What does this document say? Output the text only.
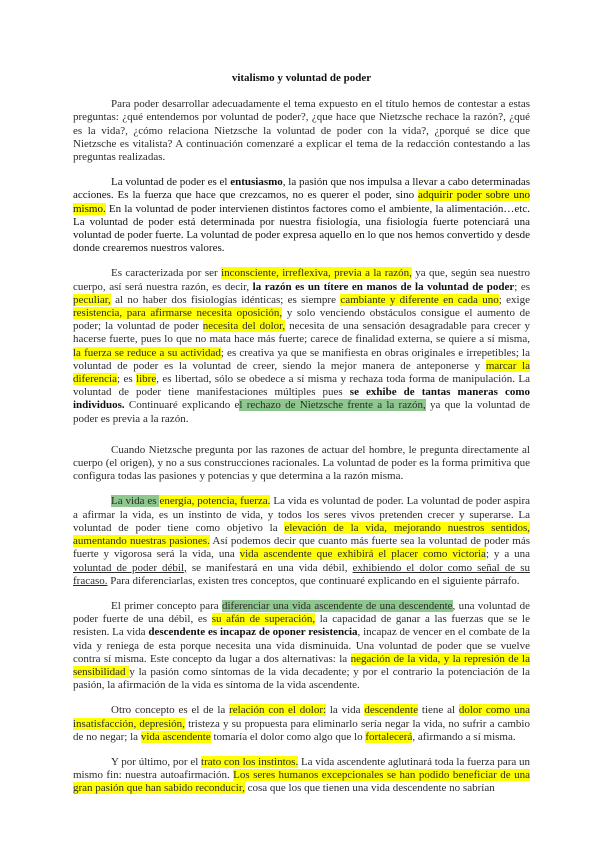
vitalismo y voluntad de poder

Para poder desarrollar adecuadamente el tema expuesto en el título hemos de contestar a estas preguntas: ¿qué entendemos por voluntad de poder?, ¿que hace que Nietzsche rechace la razón?, ¿qué es la vida?, ¿cómo relaciona Nietzsche la voluntad de poder con la vida?, ¿porqué se dice que Nietzsche es vitalista? A continuación comenzaré a explicar el tema de la redacción contestando a las preguntas realizadas.

La voluntad de poder es el entusiasmo, la pasión que nos impulsa a llevar a cabo determinadas acciones. Es la fuerza que hace que crezcamos, no es querer el poder, sino adquirir poder sobre uno mismo. En la voluntad de poder intervienen distintos factores como el ambiente, la alimentación…etc. La voluntad de poder está determinada por nuestra fisiología, una fisiología fuerte potenciará una voluntad de poder fuerte. La voluntad de poder expresa aquello en lo que nos hemos convertido y desde donde crearemos nuestros valores.

Es caracterizada por ser inconsciente, irreflexiva, previa a la razón, ya que, según sea nuestro cuerpo, así será nuestra razón, es decir, la razón es un títere en manos de la voluntad de poder; es peculiar, al no haber dos fisiologías idénticas; es siempre cambiante y diferente en cada uno; exige resistencia, para afirmarse necesita oposición, y solo venciendo obstáculos consigue el aumento de poder; la voluntad de poder necesita del dolor, necesita de una sensación desagradable para crecer y hacerse fuerte, pues lo que no mata hace más fuerte; carece de finalidad externa, se quiere a sí misma, la fuerza se reduce a su actividad; es creativa ya que se manifiesta en obras originales e irrepetibles; la voluntad de poder es la voluntad de creer, siendo la mejor manera de anteponerse y marcar la diferencia; es libre, es libertad, sólo se obedece a sí misma y rechaza toda forma de manipulación. La voluntad de poder tiene manifestaciones múltiples pues se exhibe de tantas maneras como individuos. Continuaré explicando el rechazo de Nietzsche frente a la razón, ya que la voluntad de poder es previa a la razón.

Cuando Nietzsche pregunta por las razones de actuar del hombre, le pregunta directamente al cuerpo (el origen), y no a sus construcciones racionales. La voluntad de poder es la forma primitiva que configura todas las pasiones y potencias y que determina a la razón misma.

La vida es energía, potencia, fuerza. La vida es voluntad de poder. La voluntad de poder aspira a afirmar la vida, es un instinto de vida, y todos los seres vivos pretenden crecer y superarse. La voluntad de poder tiene como objetivo la elevación de la vida, mejorando nuestros sentidos, aumentando nuestras pasiones. Así podemos decir que cuanto más fuerte sea la voluntad de poder más fuerte y vigorosa será la vida, una vida ascendente que exhibirá el placer como victoria; y a una voluntad de poder débil, se manifestará en una vida débil, exhibiendo el dolor como señal de su fracaso. Para diferenciarlas, existen tres conceptos, que continuaré explicando en el siguiente párrafo.

El primer concepto para diferenciar una vida ascendente de una descendente, una voluntad de poder fuerte de una débil, es su afán de superación, la capacidad de ganar a las fuerzas que se le resisten. La vida descendente es incapaz de oponer resistencia, incapaz de vencer en el combate de la vida y reniega de esta porque necesita una vida disminuida. Una voluntad de poder que se vuelve contra sí misma. Este concepto da lugar a dos alternativas: la negación de la vida, y la represión de la sensibilidad y la pasión como síntomas de la vida decadente; y por el contrario la potenciación de la pasión, la afirmación de la vida es síntoma de la vida ascendente.

Otro concepto es el de la relación con el dolor: la vida descendente tiene al dolor como una insatisfacción, depresión, tristeza y su propuesta para eliminarlo sería negar la vida, no sufrir a cambio de no negar; la vida ascendente tomaría el dolor como algo que lo fortalecerá, afirmando a sí misma.

Y por último, por el trato con los instintos. La vida ascendente aglutinará toda la fuerza para un mismo fin: nuestra autoafirmación. Los seres humanos excepcionales se han podido beneficiar de una gran pasión que han sabido reconducir, cosa que los que tienen una vida descendente no sabrían
